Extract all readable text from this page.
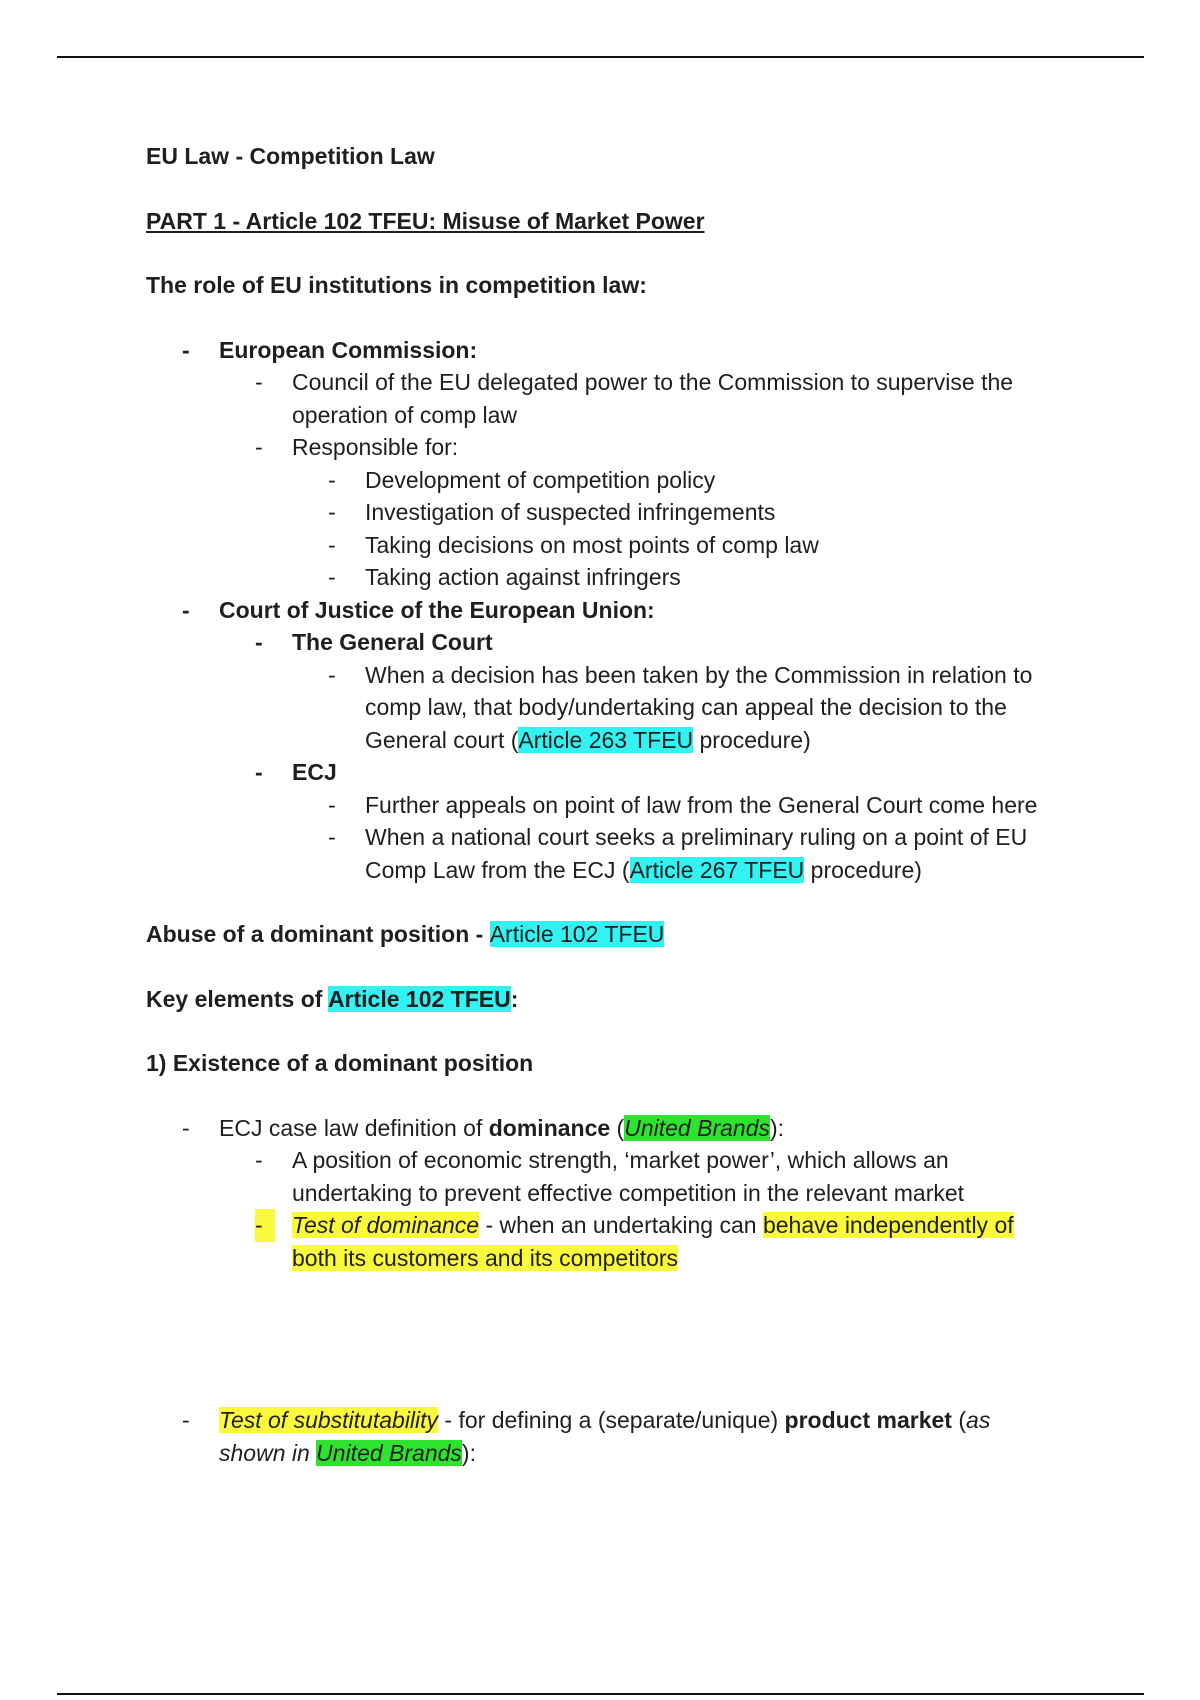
EU Law - Competition Law

PART 1 - Article 102 TFEU: Misuse of Market Power

The role of EU institutions in competition law:

-	European Commission:
-	Council of the EU delegated power to the Commission to supervise the
operation of comp law
-	Responsible for:
-	Development of competition policy
-	Investigation of suspected infringements
-	Taking decisions on most points of comp law
-	Taking action against infringers
-	Court of Justice of the European Union:
-	The General Court
-	When a decision has been taken by the Commission in relation to
comp law, that body/undertaking can appeal the decision to the
General court (Article 263 TFEU procedure)
-	ECJ
-	Further appeals on point of law from the General Court come here
-	When a national court seeks a preliminary ruling on a point of EU
Comp Law from the ECJ (Article 267 TFEU procedure)

Abuse of a dominant position - Article 102 TFEU

Key elements of Article 102 TFEU:

1) Existence of a dominant position

-	ECJ case law definition of dominance (United Brands):
-	A position of economic strength, ‘market power’, which allows an
undertaking to prevent effective competition in the relevant market
-	Test of dominance - when an undertaking can behave independently of
both its customers and its competitors
-	Test of substitutability - for defining a (separate/unique) product market (as
shown in United Brands):
